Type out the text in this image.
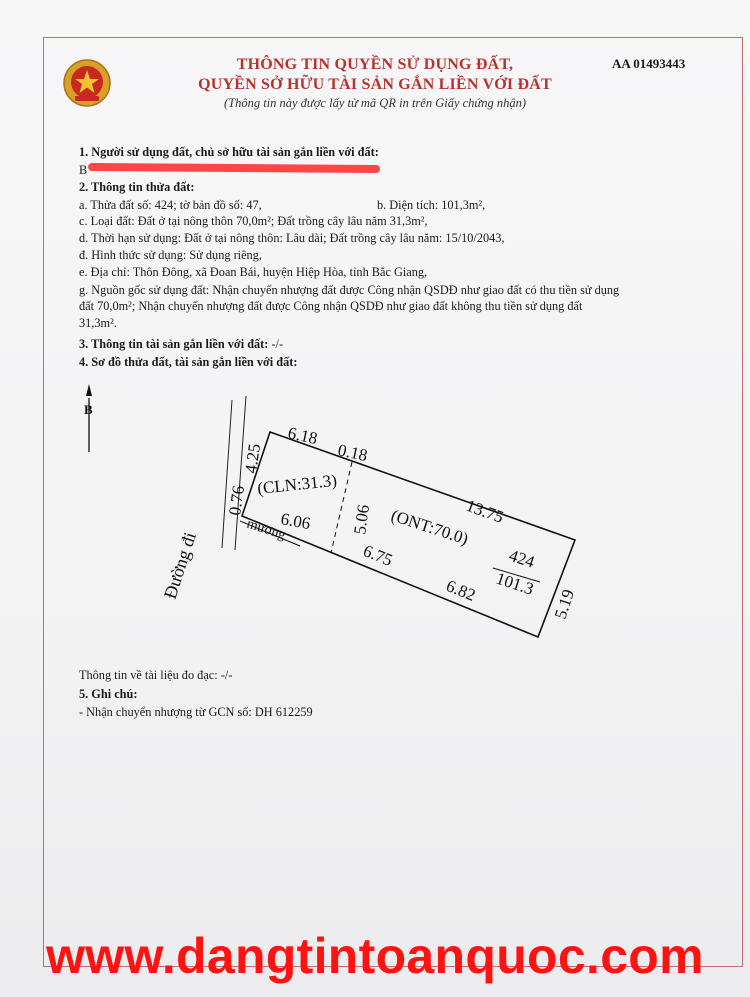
THÔNG TIN QUYỀN SỬ DỤNG ĐẤT,
QUYỀN SỞ HỮU TÀI SẢN GẮN LIỀN VỚI ĐẤT
(Thông tin này được lấy từ mã QR in trên Giấy chứng nhận)
AA 01493443
1. Người sử dụng đất, chủ sở hữu tài sản gắn liền với đất:
B
2. Thông tin thửa đất:
a. Thửa đất số: 424; tờ bản đồ số: 47,	b. Diện tích: 101,3m²,
c. Loại đất: Đất ở tại nông thôn 70,0m²; Đất trồng cây lâu năm 31,3m²,
d. Thời hạn sử dụng: Đất ở tại nông thôn: Lâu dài; Đất trồng cây lâu năm: 15/10/2043,
đ. Hình thức sử dụng: Sử dụng riêng,
e. Địa chỉ: Thôn Đông, xã Đoan Bái, huyện Hiệp Hòa, tỉnh Bắc Giang,
g. Nguồn gốc sử dụng đất: Nhận chuyển nhượng đất được Công nhận QSDĐ như giao đất có thu tiền sử dụng
đất 70,0m²; Nhận chuyển nhượng đất được Công nhận QSDĐ như giao đất không thu tiền sử dụng đất
31,3m².
3. Thông tin tài sản gắn liền với đất: -/-
4. Sơ đồ thửa đất, tài sản gắn liền với đất:
B
6.18
0.18
13.75
4.25
0.76
6.06 5.06
6.75
6.82	5.19
(CLN:31.3)
(ONT:70.0)
424
101.3
Đường đi	mương
Thông tin về tài liệu đo đạc: -/-
5. Ghi chú:
- Nhận chuyển nhượng từ GCN số: DH 612259
www.dangtintoanquoc.com
